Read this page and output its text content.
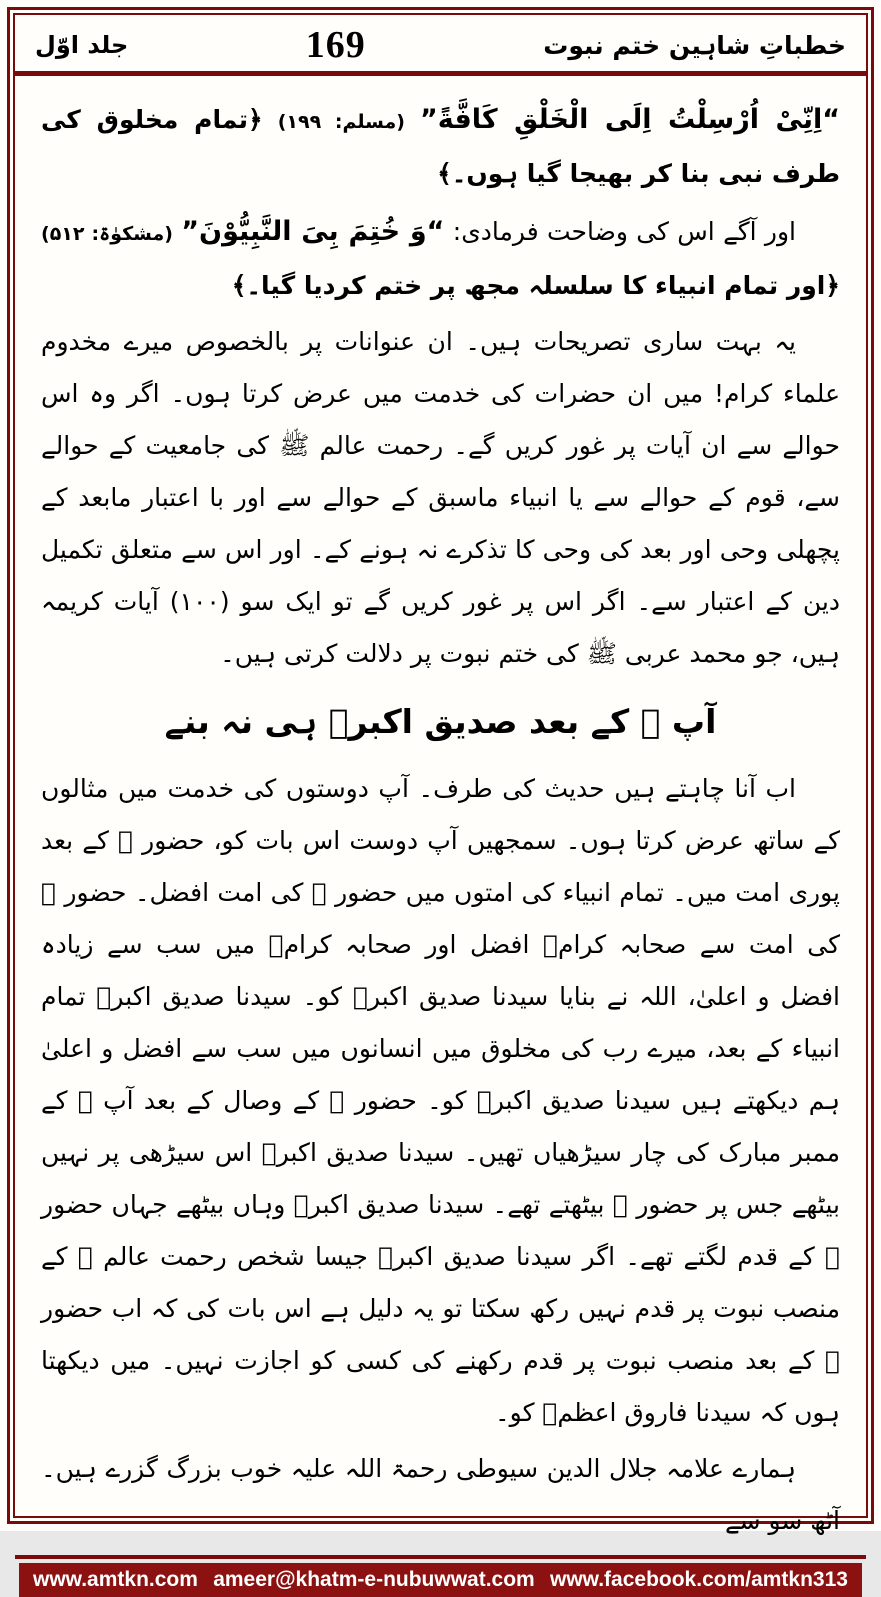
جلد اوّل	169	خطباتِ شاہین ختم نبوت

“اِنِّیْ اُرْسِلْتُ اِلَی الْخَلْقِ کَافَّةً” (مسلم: ۱۹۹) ﴿تمام مخلوق کی طرف نبی بنا کر بھیجا گیا ہوں۔﴾

اور آگے اس کی وضاحت فرمادی: “وَ خُتِمَ بِیَ النَّبِیُّوْنَ” (مشکوٰۃ: ۵۱۲) ﴿اور تمام انبیاء کا سلسلہ مجھ پر ختم کردیا گیا۔﴾

یہ بہت ساری تصریحات ہیں۔ ان عنوانات پر بالخصوص میرے مخدوم علماء کرام! میں ان حضرات کی خدمت میں عرض کرتا ہوں۔ اگر وہ اس حوالے سے ان آیات پر غور کریں گے۔ رحمت عالم ﷺ کی جامعیت کے حوالے سے، قوم کے حوالے سے یا انبیاء ماسبق کے حوالے سے اور با اعتبار مابعد کے پچھلی وحی اور بعد کی وحی کا تذکرے نہ ہونے کے۔ اور اس سے متعلق تکمیل دین کے اعتبار سے۔ اگر اس پر غور کریں گے تو ایک سو (۱۰۰) آیات کریمہ ہیں، جو محمد عربی ﷺ کی ختم نبوت پر دلالت کرتی ہیں۔

آپ ﷺ کے بعد صدیق اکبرؓ ہی نہ بنے

اب آنا چاہتے ہیں حدیث کی طرف۔ آپ دوستوں کی خدمت میں مثالوں کے ساتھ عرض کرتا ہوں۔ سمجھیں آپ دوست اس بات کو، حضور ﷺ کے بعد پوری امت میں۔ تمام انبیاء کی امتوں میں حضور ﷺ کی امت افضل۔ حضور ﷺ کی امت سے صحابہ کرامؓ افضل اور صحابہ کرامؓ میں سب سے زیادہ افضل و اعلیٰ، اللہ نے بنایا سیدنا صدیق اکبرؓ کو۔ سیدنا صدیق اکبرؓ تمام انبیاء کے بعد، میرے رب کی مخلوق میں انسانوں میں سب سے افضل و اعلیٰ ہم دیکھتے ہیں سیدنا صدیق اکبرؓ کو۔ حضور ﷺ کے وصال کے بعد آپ ﷺ کے ممبر مبارک کی چار سیڑھیاں تھیں۔ سیدنا صدیق اکبرؓ اس سیڑھی پر نہیں بیٹھے جس پر حضور ﷺ بیٹھتے تھے۔ سیدنا صدیق اکبرؓ وہاں بیٹھے جہاں حضور ﷺ کے قدم لگتے تھے۔ اگر سیدنا صدیق اکبرؓ جیسا شخص رحمت عالم ﷺ کے منصب نبوت پر قدم نہیں رکھ سکتا تو یہ دلیل ہے اس بات کی کہ اب حضور ﷺ کے بعد منصب نبوت پر قدم رکھنے کی کسی کو اجازت نہیں۔ میں دیکھتا ہوں کہ سیدنا فاروق اعظمؓ کو۔

ہمارے علامہ جلال الدین سیوطی رحمۃ اللہ علیہ خوب بزرگ گزرے ہیں۔ آٹھ سو سے

www.amtkn.com ameer@khatm-e-nubuwwat.com www.facebook.com/amtkn313
